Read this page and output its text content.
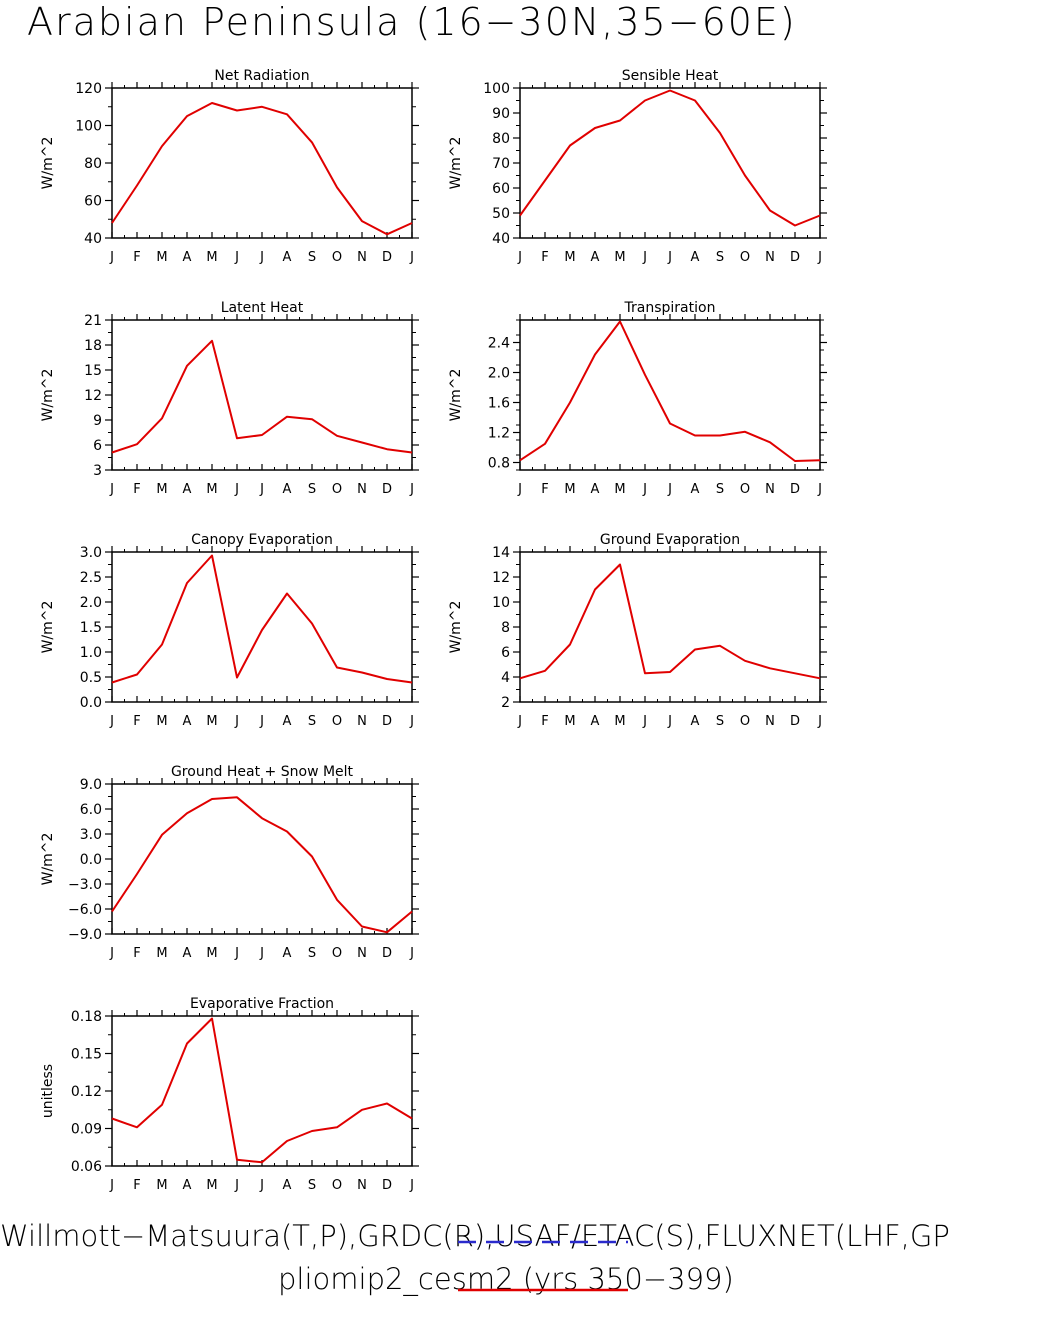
Arabian Peninsula (16−30N,35−60E)
J F M A M J J A S O N D J
40
60
80
100
120
Net Radiation
W/m^2
J F M A M J J A S O N D J
40
50
60
70
80
90
100
Sensible Heat
W/m^2
J F M A M J J A S O N D J
3
6
9
12
15
18
21
Latent Heat
W/m^2
J F M A M J J A S O N D J
0.8
1.2
1.6
2.0
2.4
Transpiration
W/m^2
J F M A M J J A S O N D J
0.0
0.5
1.0
1.5
2.0
2.5
3.0
Canopy Evaporation
W/m^2
J F M A M J J A S O N D J
2
4
6
8
10
12
14
Ground Evaporation
W/m^2
J F M A M J J A S O N D J
−9.0
−6.0
−3.0
0.0
3.0
6.0
9.0
Ground Heat + Snow Melt
W/m^2
J F M A M J J A S O N D J
0.06
0.09
0.12
0.15
0.18
Evaporative Fraction
unitless
Willmott−Matsuura(T,P),GRDC(R),USAF/ETAC(S),FLUXNET(LHF,GP
pliomip2_cesm2 (yrs 350−399)
